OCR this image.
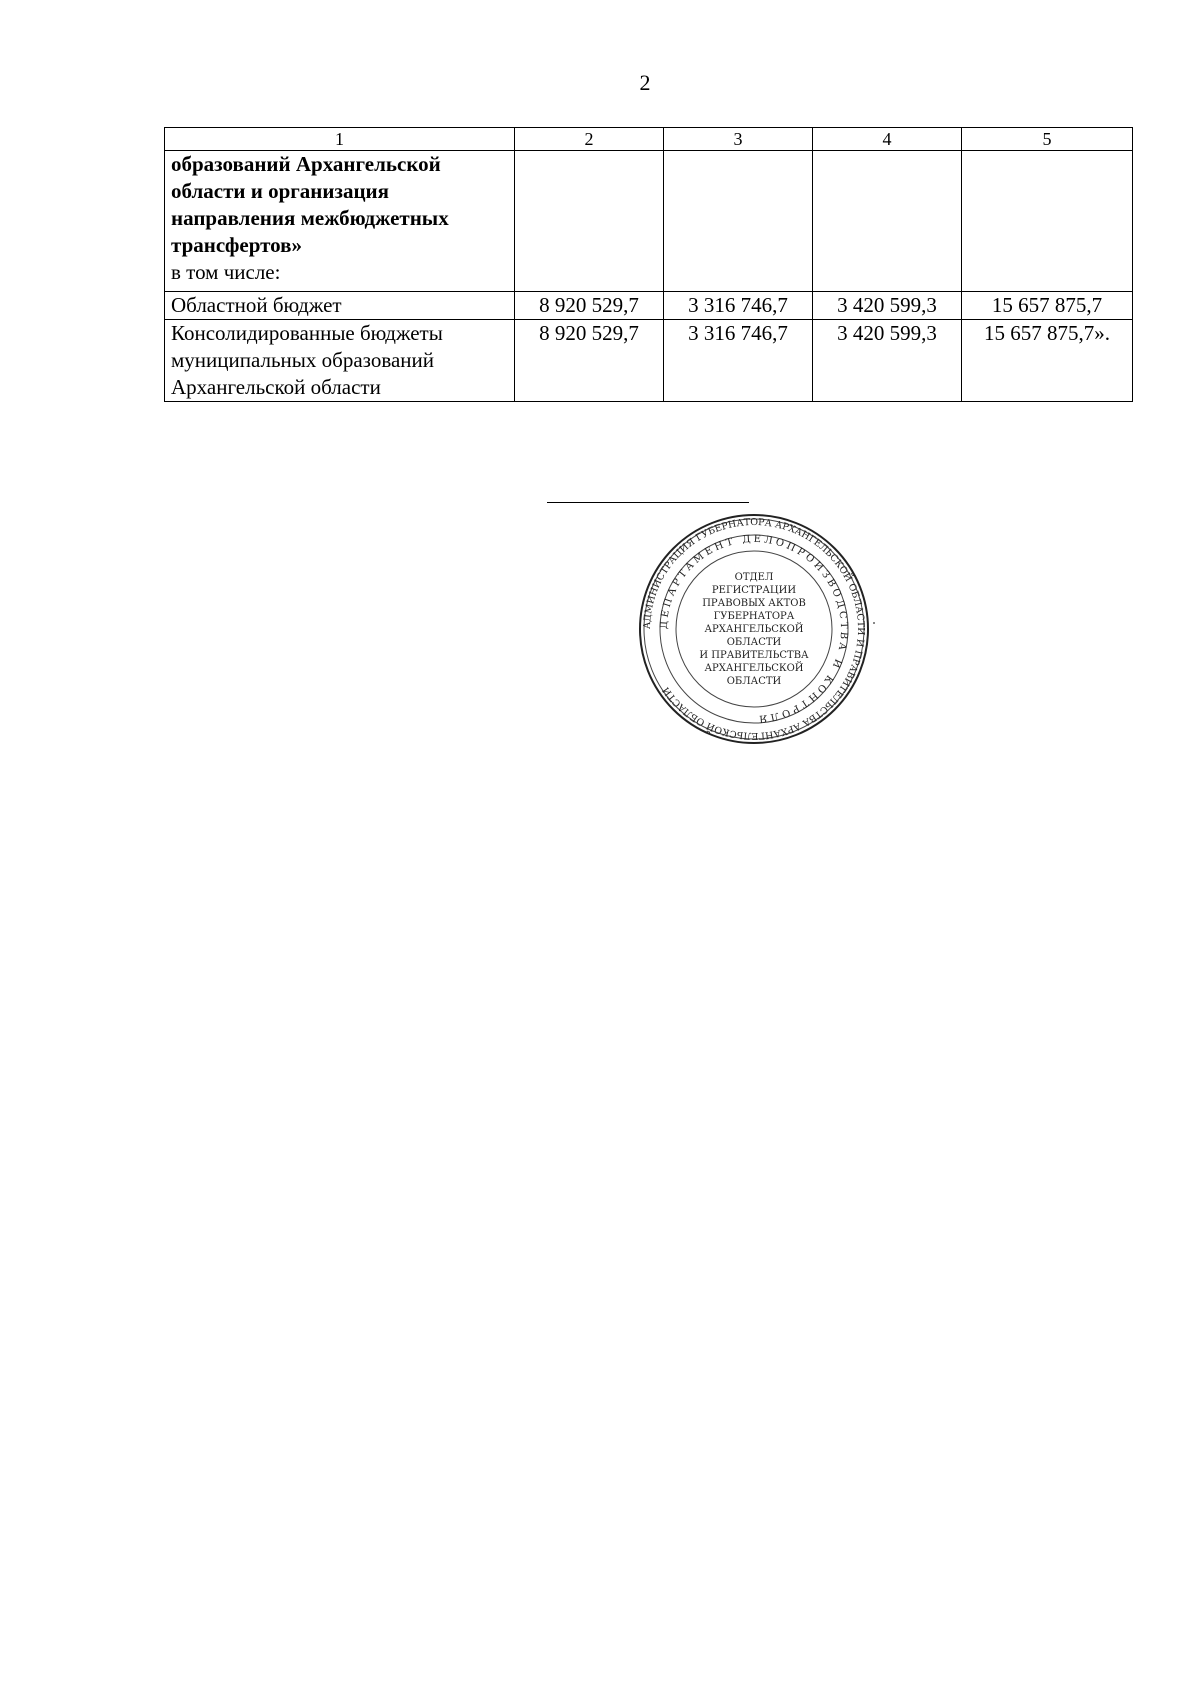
2
1	2	3	4	5

образований Архангельской области и организация направления межбюджетных трансфертов»
в том числе:				

Областной бюджет	8 920 529,7	3 316 746,7	3 420 599,3	15 657 875,7
Консолидированные бюджеты муниципальных образований Архангельской области	8 920 529,7	3 316 746,7	3 420 599,3	15 657 875,7».
АДМИНИСТРАЦИЯ ГУБЕРНАТОРА АРХАНГЕЛЬСКОЙ ОБЛАСТИ И ПРАВИТЕЛЬСТВА АРХАНГЕЛЬСКОЙ ОБЛАСТИ
ДЕПАРТАМЕНТ ДЕЛОПРОИЗВОДСТВА И КОНТРОЛЯ
ОТДЕЛ
РЕГИСТРАЦИИ
ПРАВОВЫХ АКТОВ
ГУБЕРНАТОРА
АРХАНГЕЛЬСКОЙ
ОБЛАСТИ
И ПРАВИТЕЛЬСТВА
АРХАНГЕЛЬСКОЙ
ОБЛАСТИ
